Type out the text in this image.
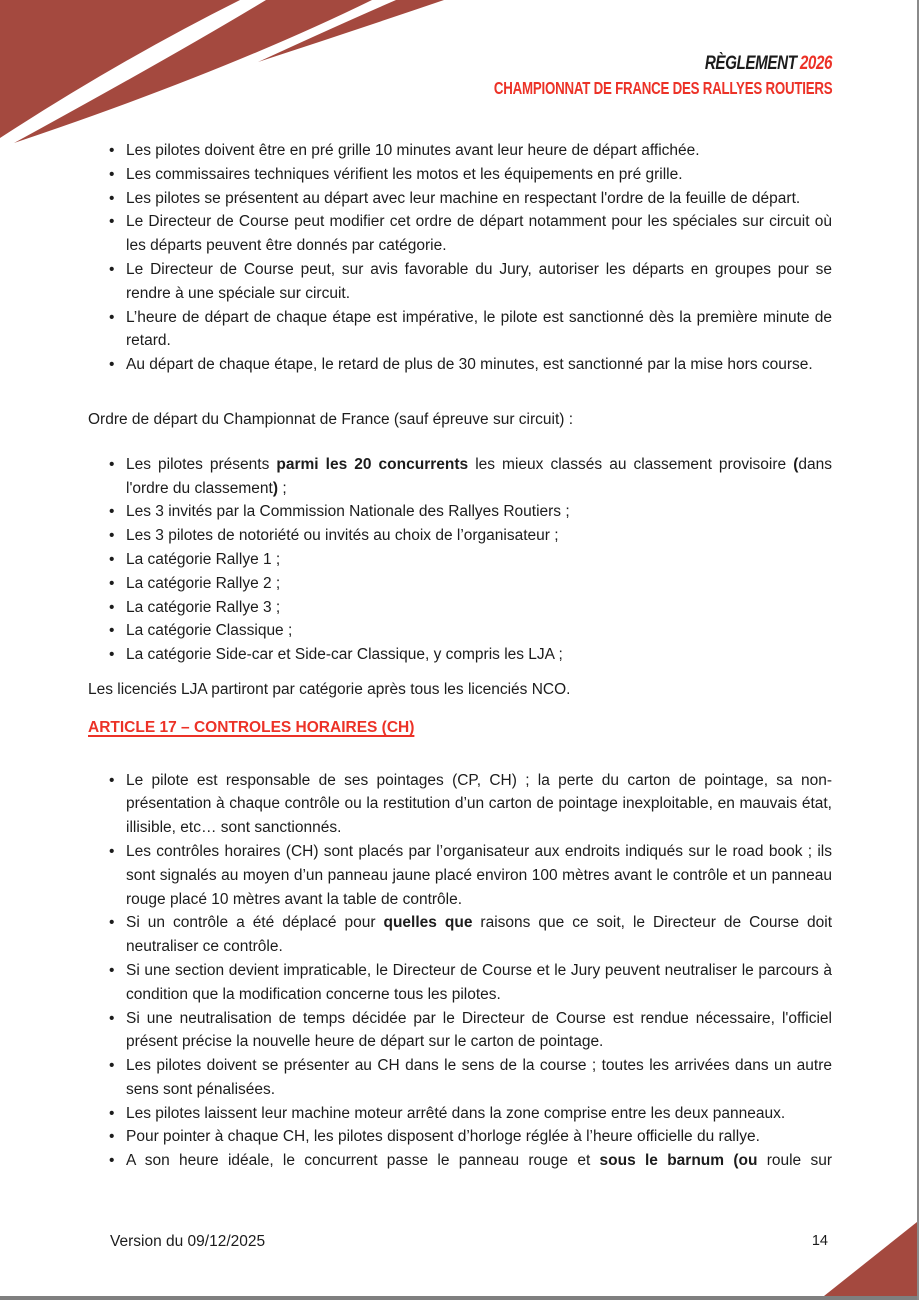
RÈGLEMENT 2026
CHAMPIONNAT DE FRANCE DES RALLYES ROUTIERS
• Les pilotes doivent être en pré grille 10 minutes avant leur heure de départ affichée.
• Les commissaires techniques vérifient les motos et les équipements en pré grille.
• Les pilotes se présentent au départ avec leur machine en respectant l'ordre de la feuille de départ.
• Le Directeur de Course peut modifier cet ordre de départ notamment pour les spéciales sur circuit où les départs peuvent être donnés par catégorie.
• Le Directeur de Course peut, sur avis favorable du Jury, autoriser les départs en groupes pour se rendre à une spéciale sur circuit.
• L’heure de départ de chaque étape est impérative, le pilote est sanctionné dès la première minute de retard.
• Au départ de chaque étape, le retard de plus de 30 minutes, est sanctionné par la mise hors course.

Ordre de départ du Championnat de France (sauf épreuve sur circuit) :

• Les pilotes présents parmi les 20 concurrents les mieux classés au classement provisoire (dans l'ordre du classement) ;
• Les 3 invités par la Commission Nationale des Rallyes Routiers ;
• Les 3 pilotes de notoriété ou invités au choix de l’organisateur ;
• La catégorie Rallye 1 ;
• La catégorie Rallye 2 ;
• La catégorie Rallye 3 ;
• La catégorie Classique ;
• La catégorie Side-car et Side-car Classique, y compris les LJA ;

Les licenciés LJA partiront par catégorie après tous les licenciés NCO.

ARTICLE 17 – CONTROLES HORAIRES (CH)
• Le pilote est responsable de ses pointages (CP, CH) ; la perte du carton de pointage, sa non-présentation à chaque contrôle ou la restitution d’un carton de pointage inexploitable, en mauvais état, illisible, etc… sont sanctionnés.
• Les contrôles horaires (CH) sont placés par l’organisateur aux endroits indiqués sur le road book ; ils sont signalés au moyen d’un panneau jaune placé environ 100 mètres avant le contrôle et un panneau rouge placé 10 mètres avant la table de contrôle.
• Si un contrôle a été déplacé pour quelles que raisons que ce soit, le Directeur de Course doit neutraliser ce contrôle.
• Si une section devient impraticable, le Directeur de Course et le Jury peuvent neutraliser le parcours à condition que la modification concerne tous les pilotes.
• Si une neutralisation de temps décidée par le Directeur de Course est rendue nécessaire, l'officiel présent précise la nouvelle heure de départ sur le carton de pointage.
• Les pilotes doivent se présenter au CH dans le sens de la course ; toutes les arrivées dans un autre sens sont pénalisées.
• Les pilotes laissent leur machine moteur arrêté dans la zone comprise entre les deux panneaux.
• Pour pointer à chaque CH, les pilotes disposent d’horloge réglée à l’heure officielle du rallye.
• A son heure idéale, le concurrent passe le panneau rouge et sous le barnum (ou roule sur
Version du 09/12/2025	14
